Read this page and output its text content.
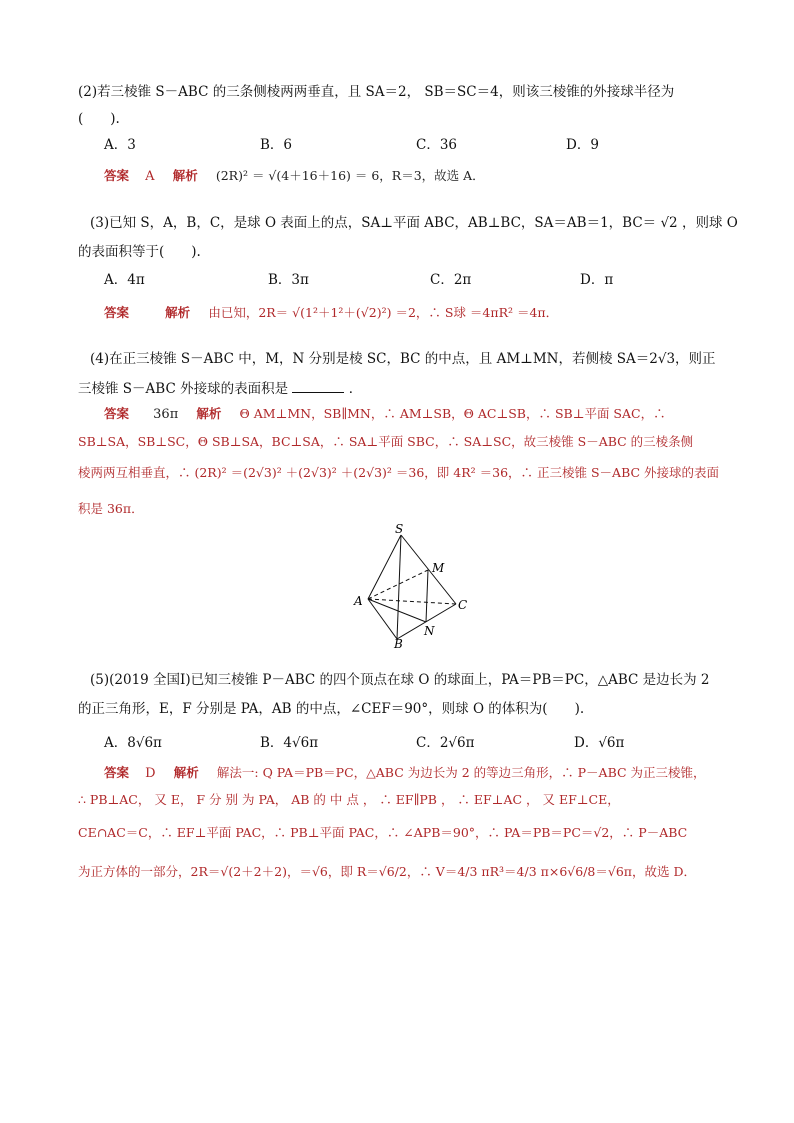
(2)若三棱锥 S－ABC 的三条侧棱两两垂直，且 SA＝2， SB＝SC＝4，则该三棱锥的外接球半径为
(　　).
A．3	B．6	C．36	D．9
答案 A 解析 (2R)² ＝ √(4＋16＋16) ＝ 6，R＝3，故选 A．
(3)已知 S，A，B，C，是球 O 表面上的点，SA⊥平面 ABC，AB⊥BC，SA＝AB＝1，BC＝ √2 ，则球 O
的表面积等于(　　).
A．4π	B．3π	C．2π	D．π
答案	解析 由已知，2R＝ √(1²＋1²＋(√2)²) ＝2，∴ S球 ＝4πR² ＝4π．
(4)在正三棱锥 S－ABC 中，M，N 分别是棱 SC，BC 的中点，且 AM⊥MN，若侧棱 SA＝2√3，则正
三棱锥 S－ABC 外接球的表面积是	．
答案 36π 解析 Θ AM⊥MN，SB∥MN，∴ AM⊥SB，Θ AC⊥SB，∴ SB⊥平面 SAC，∴
SB⊥SA，SB⊥SC，Θ SB⊥SA，BC⊥SA，∴ SA⊥平面 SBC，∴ SA⊥SC，故三棱锥 S－ABC 的三棱条侧
棱两两互相垂直，∴ (2R)² ＝(2√3)² ＋(2√3)² ＋(2√3)² ＝36，即 4R² ＝36，∴ 正三棱锥 S－ABC 外接球的表面
积是 36π．
S
M
A	C
N
B
(5)(2019 全国Ⅰ)已知三棱锥 P－ABC 的四个顶点在球 O 的球面上，PA＝PB＝PC，△ABC 是边长为 2
的正三角形，E，F 分别是 PA，AB 的中点，∠CEF＝90°，则球 O 的体积为(　　).
A．8√6π	B．4√6π	C．2√6π	D．√6π
答案 D 解析 解法一: Q PA＝PB＝PC，△ABC 为边长为 2 的等边三角形，∴ P－ABC 为正三棱锥，
∴ PB⊥AC， 又 E， F 分 别 为 PA， AB 的 中 点 ， ∴ EF∥PB ， ∴ EF⊥AC ， 又 EF⊥CE，
CE∩AC＝C，∴ EF⊥平面 PAC，∴ PB⊥平面 PAC，∴ ∠APB＝90°，∴ PA＝PB＝PC＝√2，∴ P－ABC
为正方体的一部分，2R＝√(2＋2＋2)，＝√6，即 R＝√6/2，∴ V＝4/3 πR³＝4/3 π×6√6/8＝√6π，故选 D．
